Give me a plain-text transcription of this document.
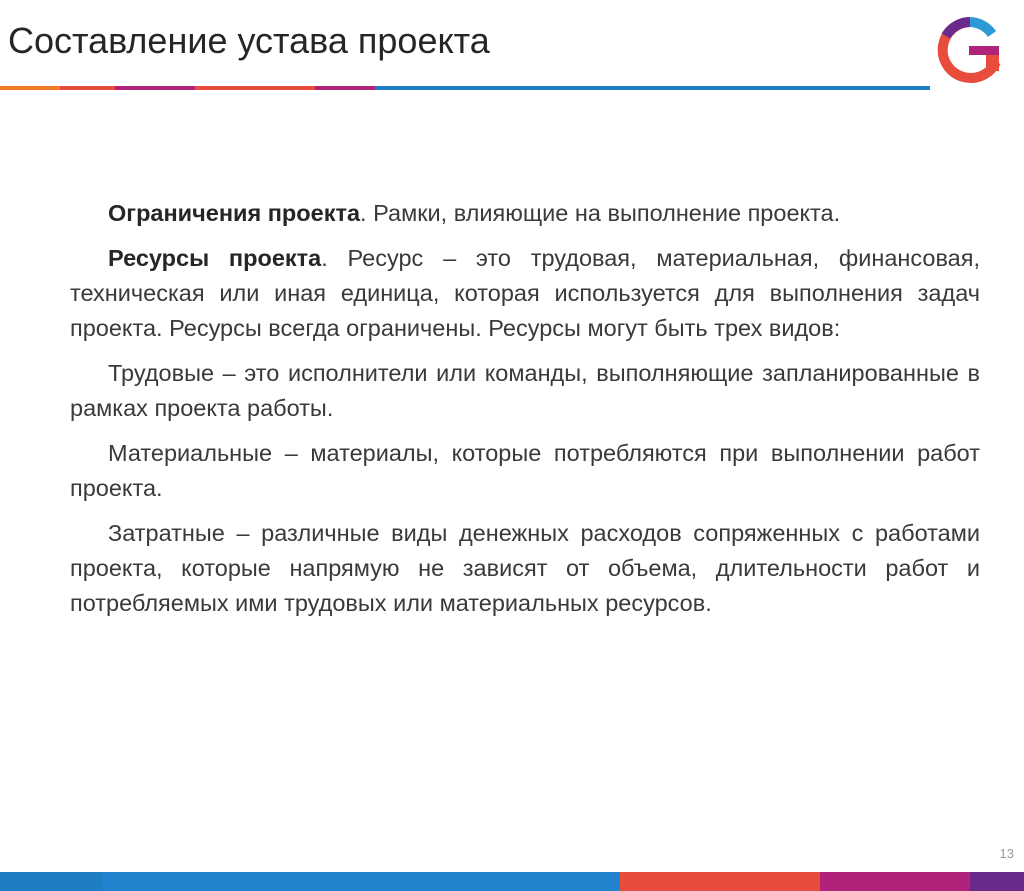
Составление устава проекта

Ограничения проекта. Рамки, влияющие на выполнение проекта.

Ресурсы проекта. Ресурс – это трудовая, материальная, финансовая, техническая или иная единица, которая используется для выполнения задач проекта. Ресурсы всегда ограничены. Ресурсы могут быть трех видов:

Трудовые – это исполнители или команды, выполняющие запланированные в рамках проекта работы.

Материальные – материалы, которые потребляются при выполнении работ проекта.

Затратные – различные виды денежных расходов сопряженных с работами проекта, которые напрямую не зависят от объема, длительности работ и потребляемых ими трудовых или материальных ресурсов.

13
